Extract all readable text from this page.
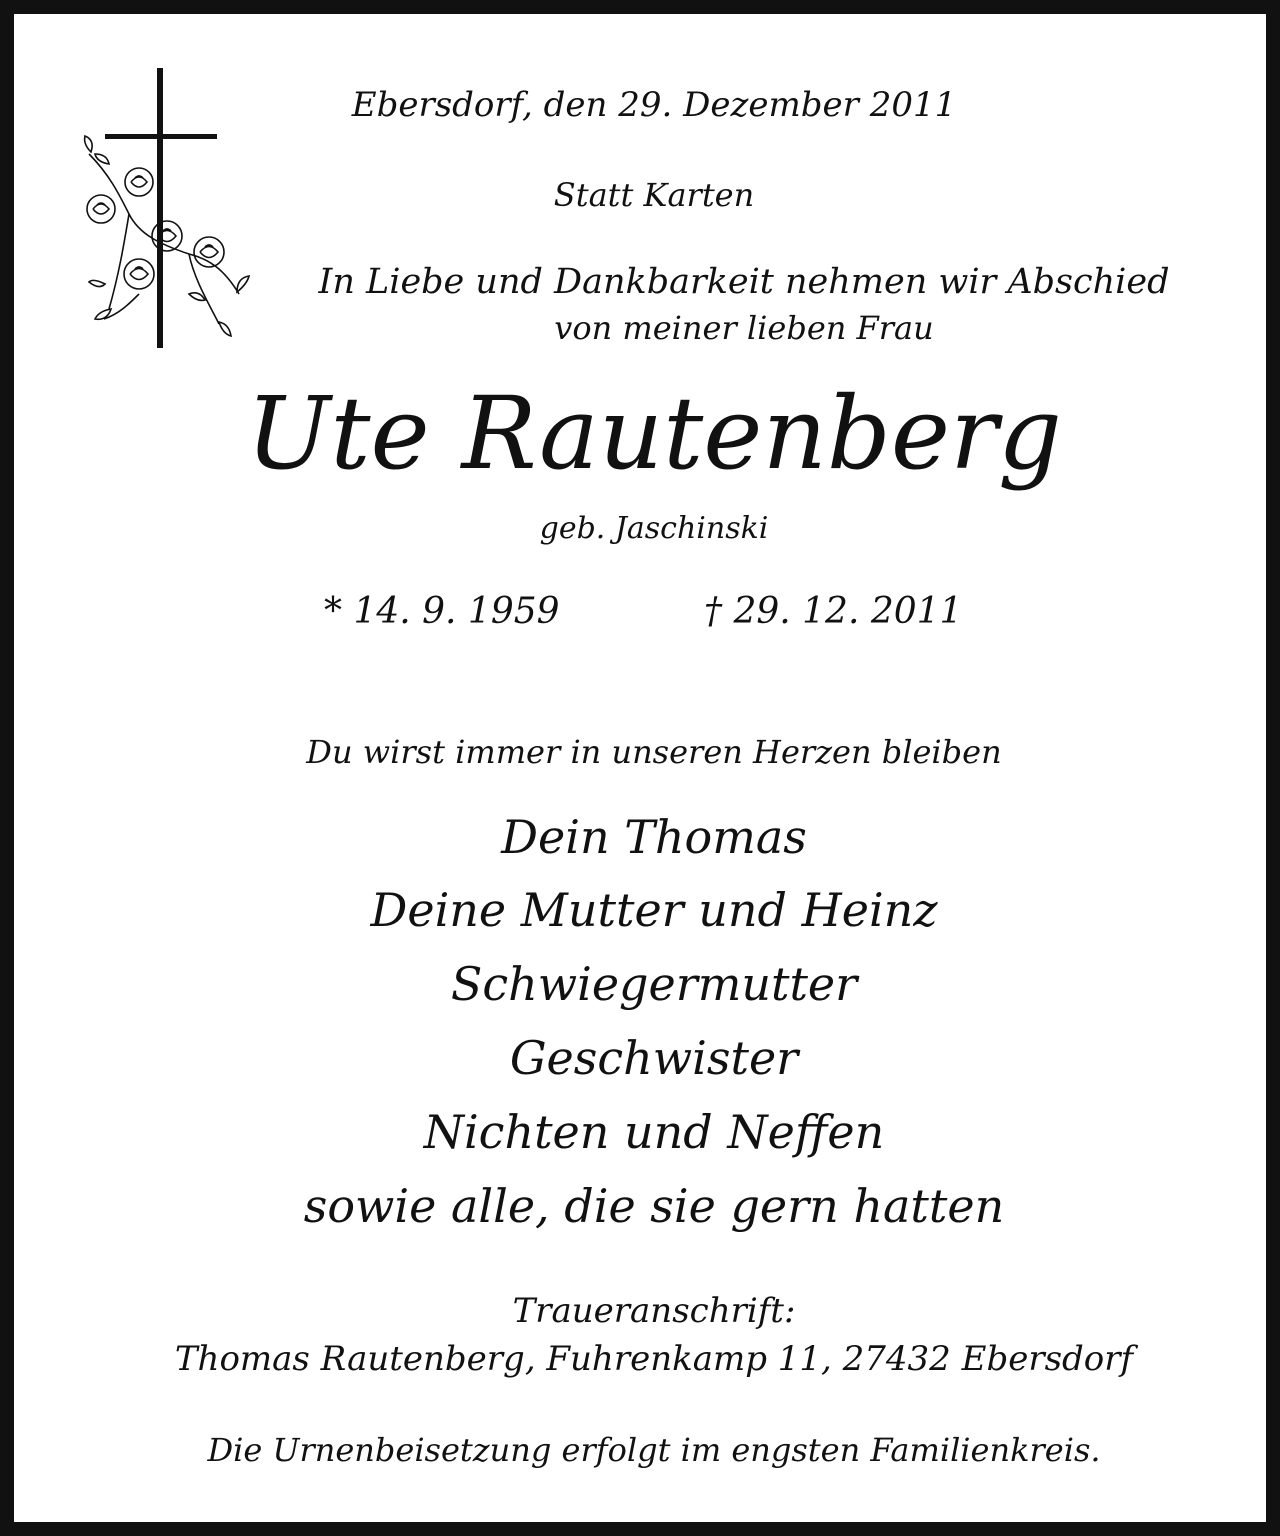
Ebersdorf, den 29. Dezember 2011
Statt Karten
In Liebe und Dankbarkeit nehmen wir Abschied
von meiner lieben Frau
Ute Rautenberg
geb. Jaschinski
* 14. 9. 1959	† 29. 12. 2011
Du wirst immer in unseren Herzen bleiben
Dein Thomas
Deine Mutter und Heinz
Schwiegermutter
Geschwister
Nichten und Neffen
sowie alle, die sie gern hatten
Traueranschrift:
Thomas Rautenberg, Fuhrenkamp 11, 27432 Ebersdorf
Die Urnenbeisetzung erfolgt im engsten Familienkreis.
